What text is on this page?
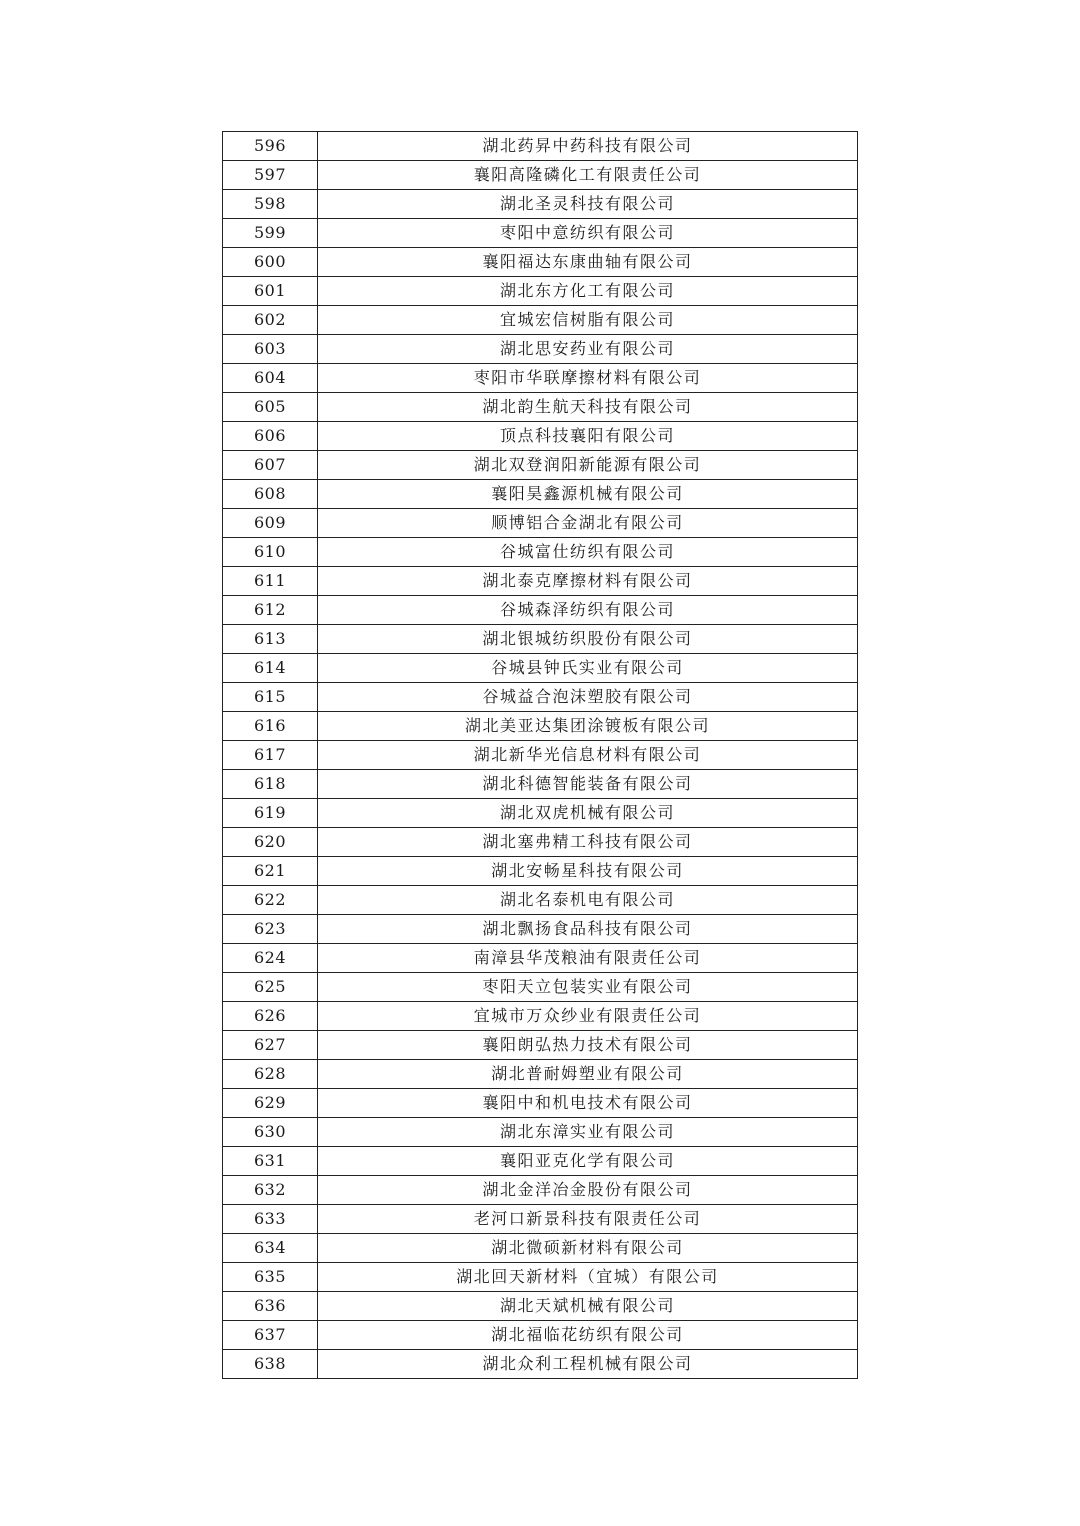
596	湖北药昇中药科技有限公司
597	襄阳高隆磷化工有限责任公司
598	湖北圣灵科技有限公司
599	枣阳中意纺织有限公司
600	襄阳福达东康曲轴有限公司
601	湖北东方化工有限公司
602	宜城宏信树脂有限公司
603	湖北思安药业有限公司
604	枣阳市华联摩擦材料有限公司
605	湖北韵生航天科技有限公司
606	顶点科技襄阳有限公司
607	湖北双登润阳新能源有限公司
608	襄阳昊鑫源机械有限公司
609	顺博铝合金湖北有限公司
610	谷城富仕纺织有限公司
611	湖北泰克摩擦材料有限公司
612	谷城森泽纺织有限公司
613	湖北银城纺织股份有限公司
614	谷城县钟氏实业有限公司
615	谷城益合泡沫塑胶有限公司
616	湖北美亚达集团涂镀板有限公司
617	湖北新华光信息材料有限公司
618	湖北科德智能装备有限公司
619	湖北双虎机械有限公司
620	湖北塞弗精工科技有限公司
621	湖北安畅星科技有限公司
622	湖北名泰机电有限公司
623	湖北飘扬食品科技有限公司
624	南漳县华茂粮油有限责任公司
625	枣阳天立包装实业有限公司
626	宜城市万众纱业有限责任公司
627	襄阳朗弘热力技术有限公司
628	湖北普耐姆塑业有限公司
629	襄阳中和机电技术有限公司
630	湖北东漳实业有限公司
631	襄阳亚克化学有限公司
632	湖北金洋冶金股份有限公司
633	老河口新景科技有限责任公司
634	湖北微硕新材料有限公司
635	湖北回天新材料（宜城）有限公司
636	湖北天斌机械有限公司
637	湖北福临花纺织有限公司
638	湖北众利工程机械有限公司
